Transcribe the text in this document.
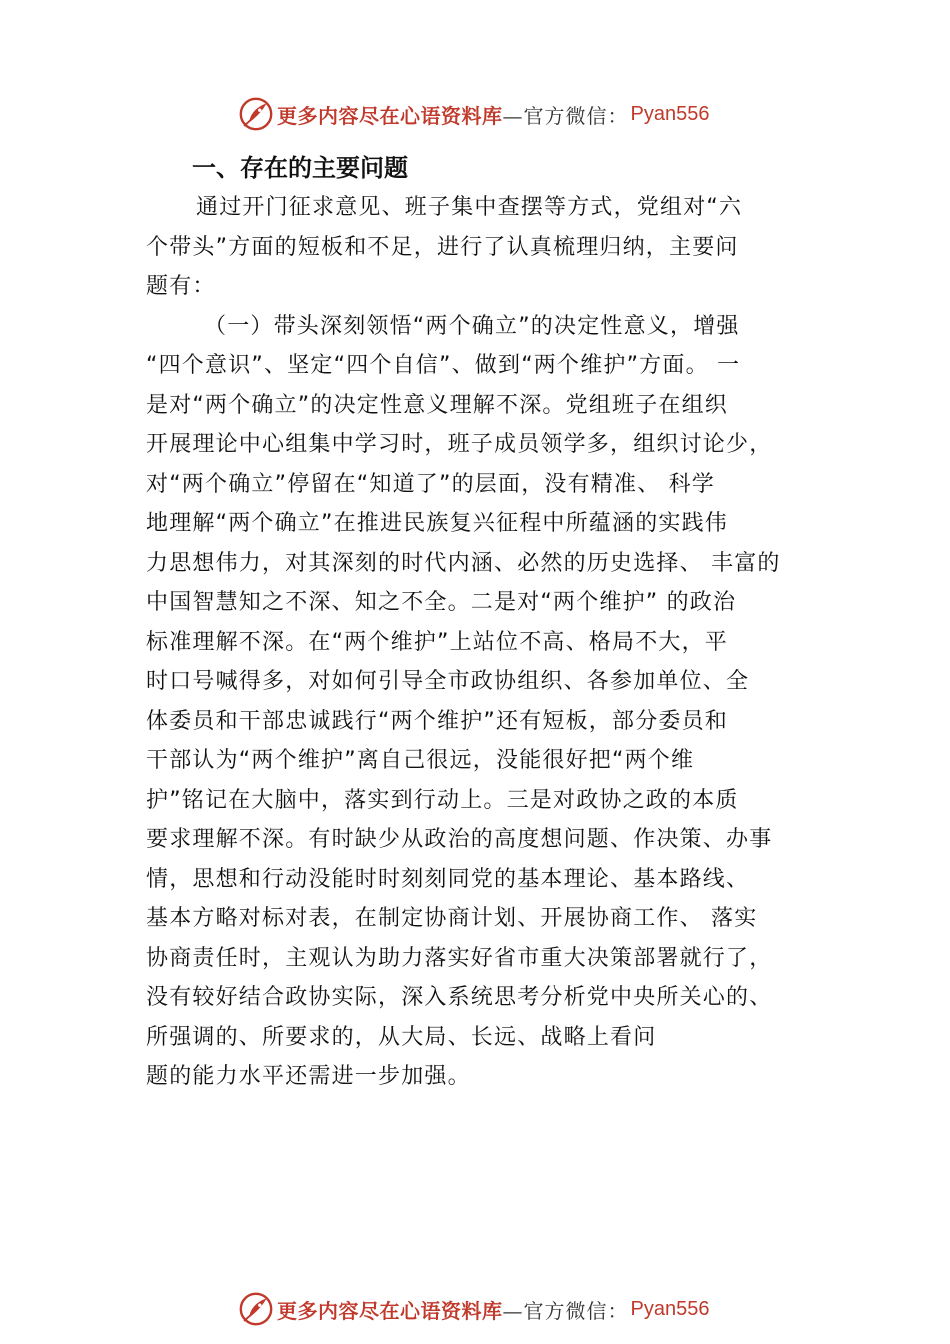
更多内容尽在心语资料库 —官方微信： Pyan556
一、存在的主要问题
通过开门征求意见、班子集中查摆等方式，党组对“六
个带头”方面的短板和不足，进行了认真梳理归纳，主要问
题有：
（一）带头深刻领悟“两个确立”的决定性意义，增强
“四个意识”、坚定“四个自信”、做到“两个维护”方面。 一
是对“两个确立”的决定性意义理解不深。党组班子在组织
开展理论中心组集中学习时，班子成员领学多，组织讨论少，
对“两个确立”停留在“知道了”的层面，没有精准、 科学
地理解“两个确立”在推进民族复兴征程中所蕴涵的实践伟
力思想伟力，对其深刻的时代内涵、必然的历史选择、 丰富的
中国智慧知之不深、知之不全。二是对“两个维护” 的政治
标准理解不深。在“两个维护”上站位不高、格局不大，平
时口号喊得多，对如何引导全市政协组织、各参加单位、全
体委员和干部忠诚践行“两个维护”还有短板，部分委员和
干部认为“两个维护”离自己很远，没能很好把“两个维
护”铭记在大脑中，落实到行动上。三是对政协之政的本质
要求理解不深。有时缺少从政治的高度想问题、作决策、办事
情，思想和行动没能时时刻刻同党的基本理论、基本路线、
基本方略对标对表，在制定协商计划、开展协商工作、 落实
协商责任时，主观认为助力落实好省市重大决策部署就行了，
没有较好结合政协实际，深入系统思考分析党中央所关心的、
所强调的、所要求的，从大局、长远、战略上看问
题的能力水平还需进一步加强。
更多内容尽在心语资料库 —官方微信： Pyan556
